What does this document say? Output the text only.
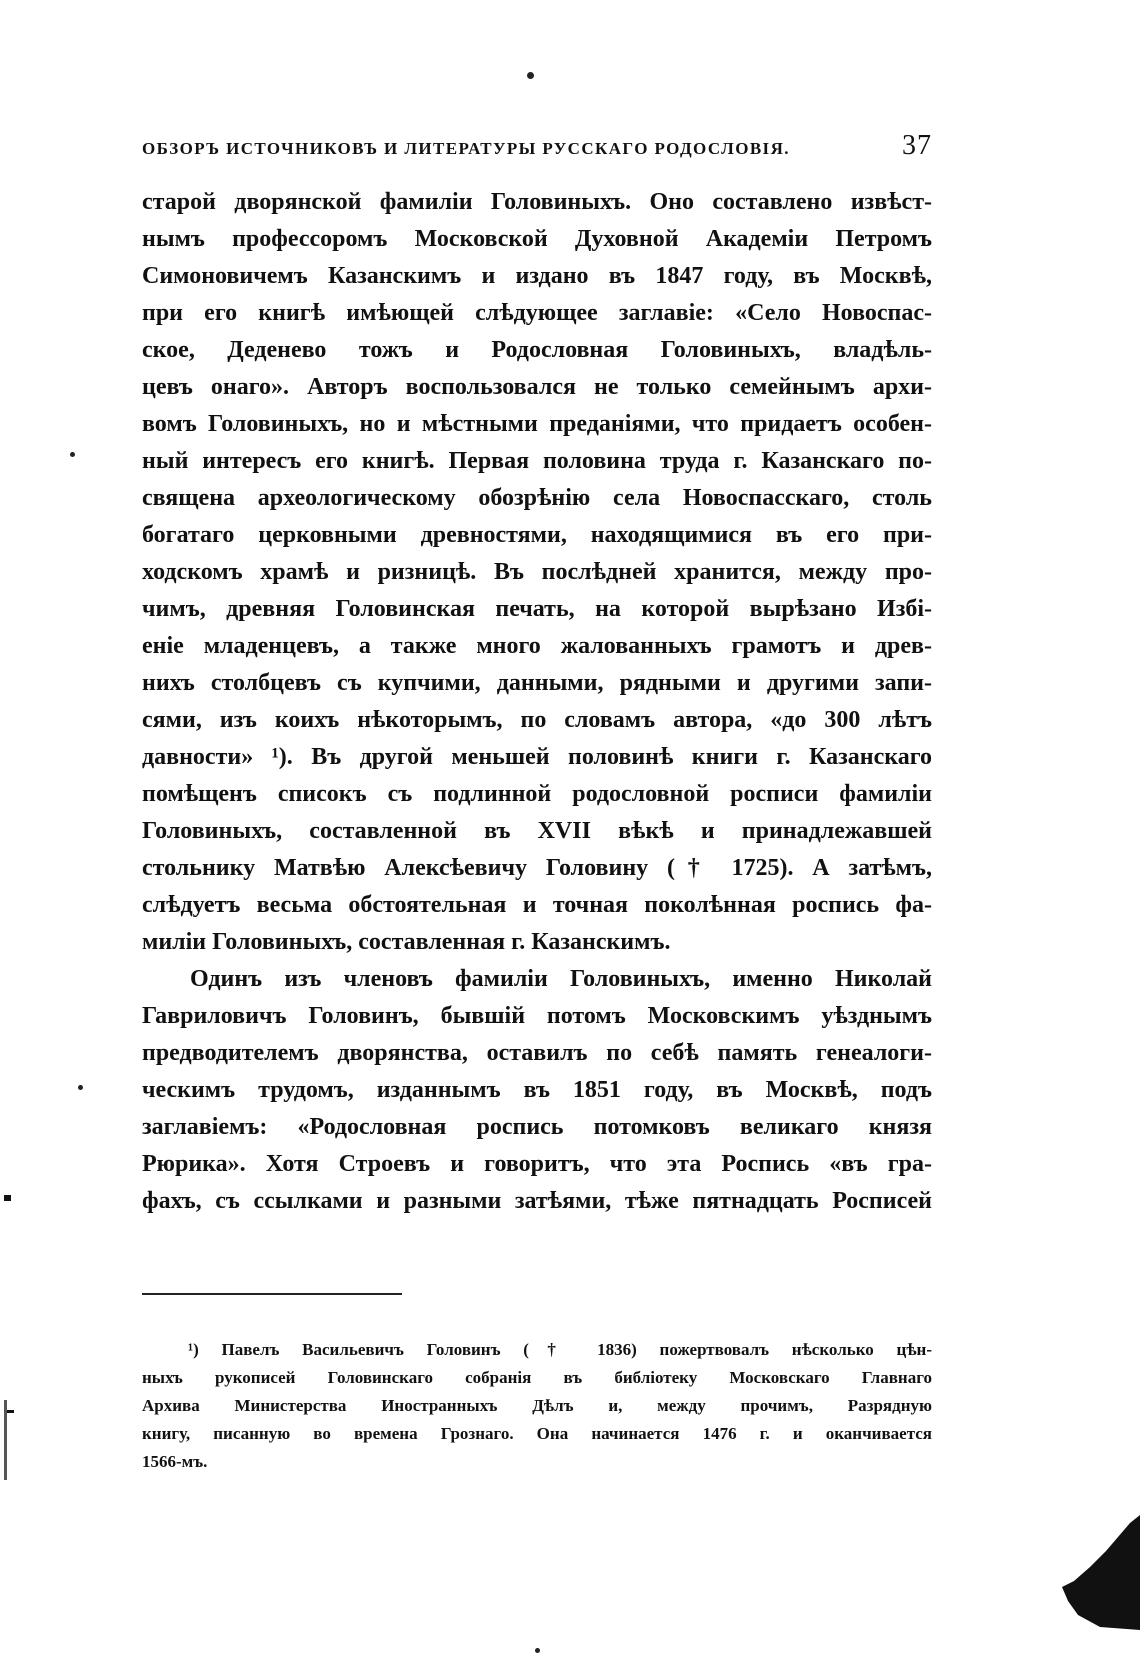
ОБЗОРЪ ИСТОЧНИКОВЪ И ЛИТЕРАТУРЫ РУССКАГО РОДОСЛОВІЯ.	37
старой дворянской фамиліи Головиныхъ. Оно составлено извѣст-
нымъ профессоромъ Московской Духовной Академіи Петромъ
Симоновичемъ Казанскимъ и издано въ 1847 году, въ Москвѣ,
при его книгѣ имѣющей слѣдующее заглавіе: «Село Новоспас-
ское, Деденево тожъ и Родословная Головиныхъ, владѣль-
цевъ онаго». Авторъ воспользовался не только семейнымъ архи-
вомъ Головиныхъ, но и мѣстными преданіями, что придаетъ особен-
ный интересъ его книгѣ. Первая половина труда г. Казанскаго по-
священа археологическому обозрѣнію села Новоспасскаго, столь
богатаго церковными древностями, находящимися въ его при-
ходскомъ храмѣ и ризницѣ. Въ послѣдней хранится, между про-
чимъ, древняя Головинская печать, на которой вырѣзано Избі-
еніе младенцевъ, а также много жалованныхъ грамотъ и древ-
нихъ столбцевъ съ купчими, данными, рядными и другими запи-
сями, изъ коихъ нѣкоторымъ, по словамъ автора, «до 300 лѣтъ
давности» ¹). Въ другой меньшей половинѣ книги г. Казанскаго
помѣщенъ списокъ съ подлинной родословной росписи фамиліи
Головиныхъ, составленной въ XVII вѣкѣ и принадлежавшей
стольнику Матвѣю Алексѣевичу Головину († 1725). А затѣмъ,
слѣдуетъ весьма обстоятельная и точная поколѣнная роспись фа-
миліи Головиныхъ, составленная г. Казанскимъ.
Одинъ изъ членовъ фамиліи Головиныхъ, именно Николай
Гавриловичъ Головинъ, бывшій потомъ Московскимъ уѣзднымъ
предводителемъ дворянства, оставилъ по себѣ память генеалоги-
ческимъ трудомъ, изданнымъ въ 1851 году, въ Москвѣ, подъ
заглавіемъ: «Родословная роспись потомковъ великаго князя
Рюрика». Хотя Строевъ и говоритъ, что эта Роспись «въ гра-
фахъ, съ ссылками и разными затѣями, тѣже пятнадцать Росписей
¹) Павелъ Васильевичъ Головинъ († 1836) пожертвовалъ нѣсколько цѣн-
ныхъ рукописей Головинскаго собранія въ библіотеку Московскаго Главнаго
Архива Министерства Иностранныхъ Дѣлъ и, между прочимъ, Разрядную
книгу, писанную во времена Грознаго. Она начинается 1476 г. и оканчивается
1566-мъ.
